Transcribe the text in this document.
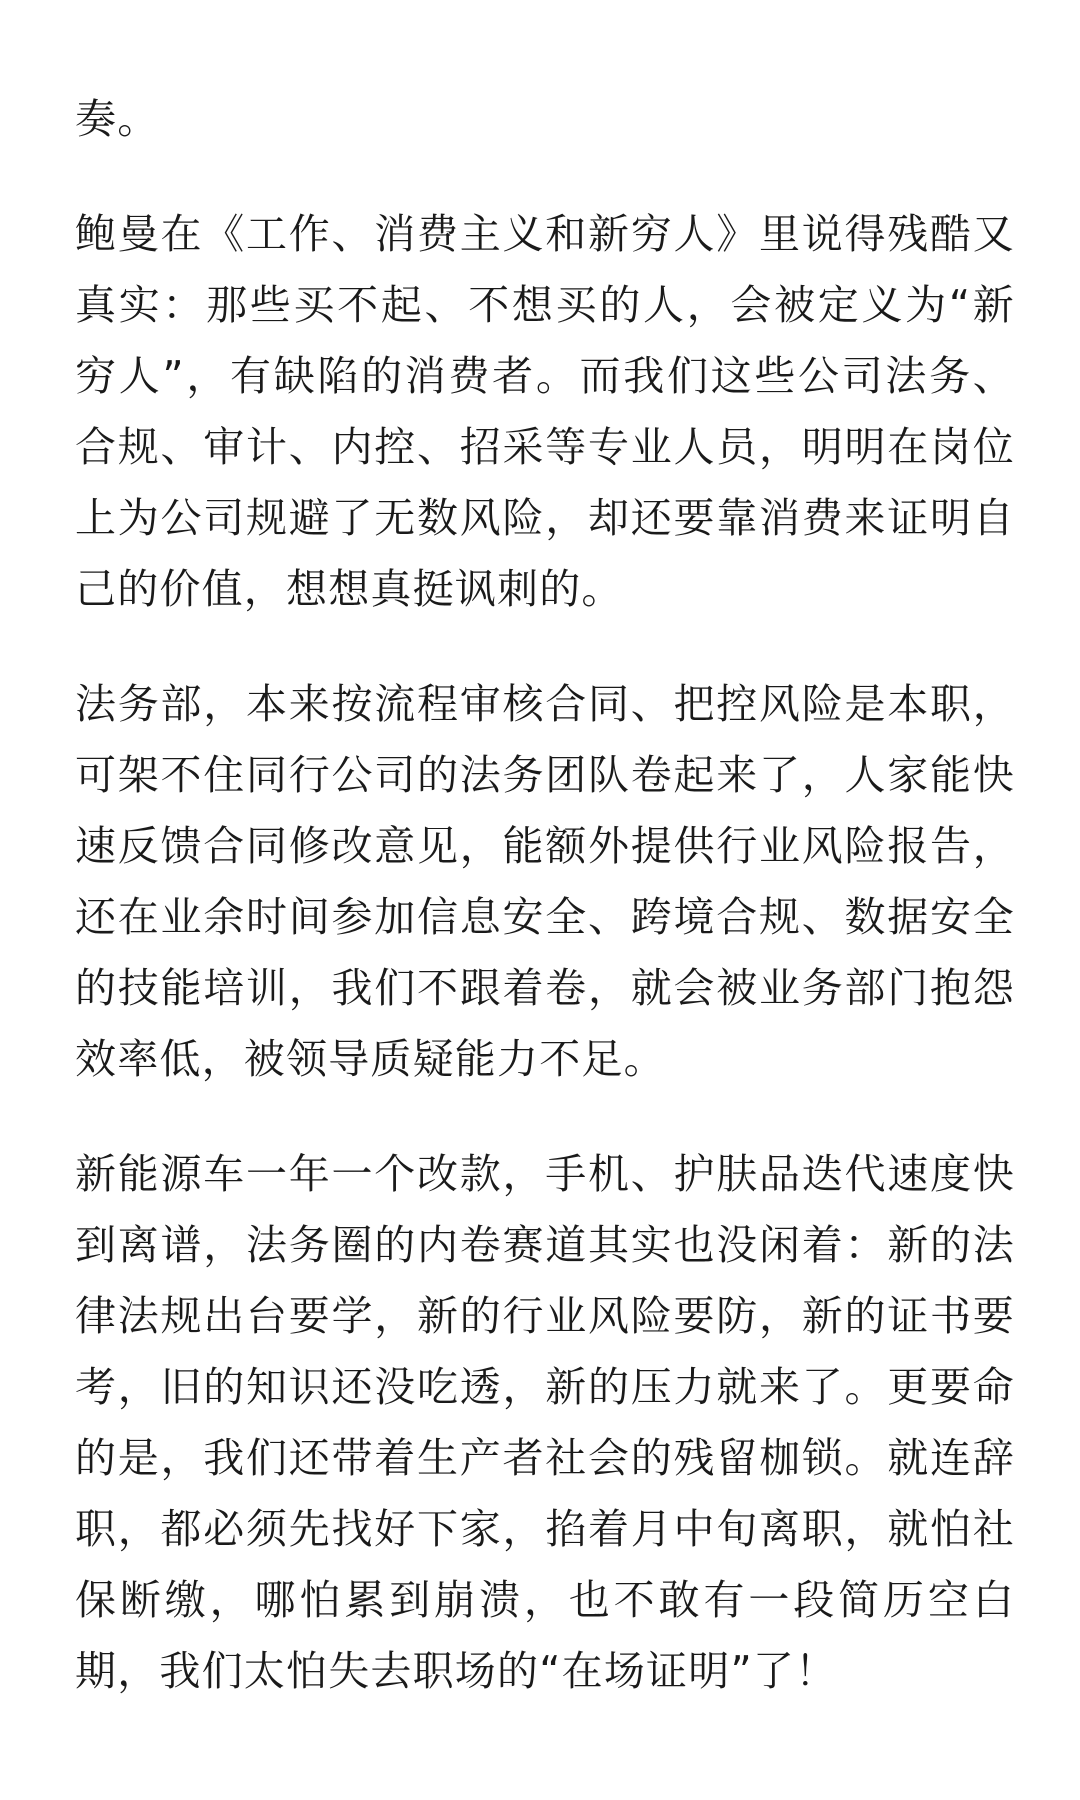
奏。

鲍曼在《工作、消费主义和新穷人》里说得残酷又真实：那些买不起、不想买的人，会被定义为“新穷人”，有缺陷的消费者。而我们这些公司法务、合规、审计、内控、招采等专业人员，明明在岗位上为公司规避了无数风险，却还要靠消费来证明自己的价值，想想真挺讽刺的。

法务部，本来按流程审核合同、把控风险是本职，可架不住同行公司的法务团队卷起来了，人家能快速反馈合同修改意见，能额外提供行业风险报告，还在业余时间参加信息安全、跨境合规、数据安全的技能培训，我们不跟着卷，就会被业务部门抱怨效率低，被领导质疑能力不足。

新能源车一年一个改款，手机、护肤品迭代速度快到离谱，法务圈的内卷赛道其实也没闲着：新的法律法规出台要学，新的行业风险要防，新的证书要考，旧的知识还没吃透，新的压力就来了。更要命的是，我们还带着生产者社会的残留枷锁。就连辞职，都必须先找好下家，掐着月中旬离职，就怕社保断缴，哪怕累到崩溃，也不敢有一段简历空白期，我们太怕失去职场的“在场证明”了！
